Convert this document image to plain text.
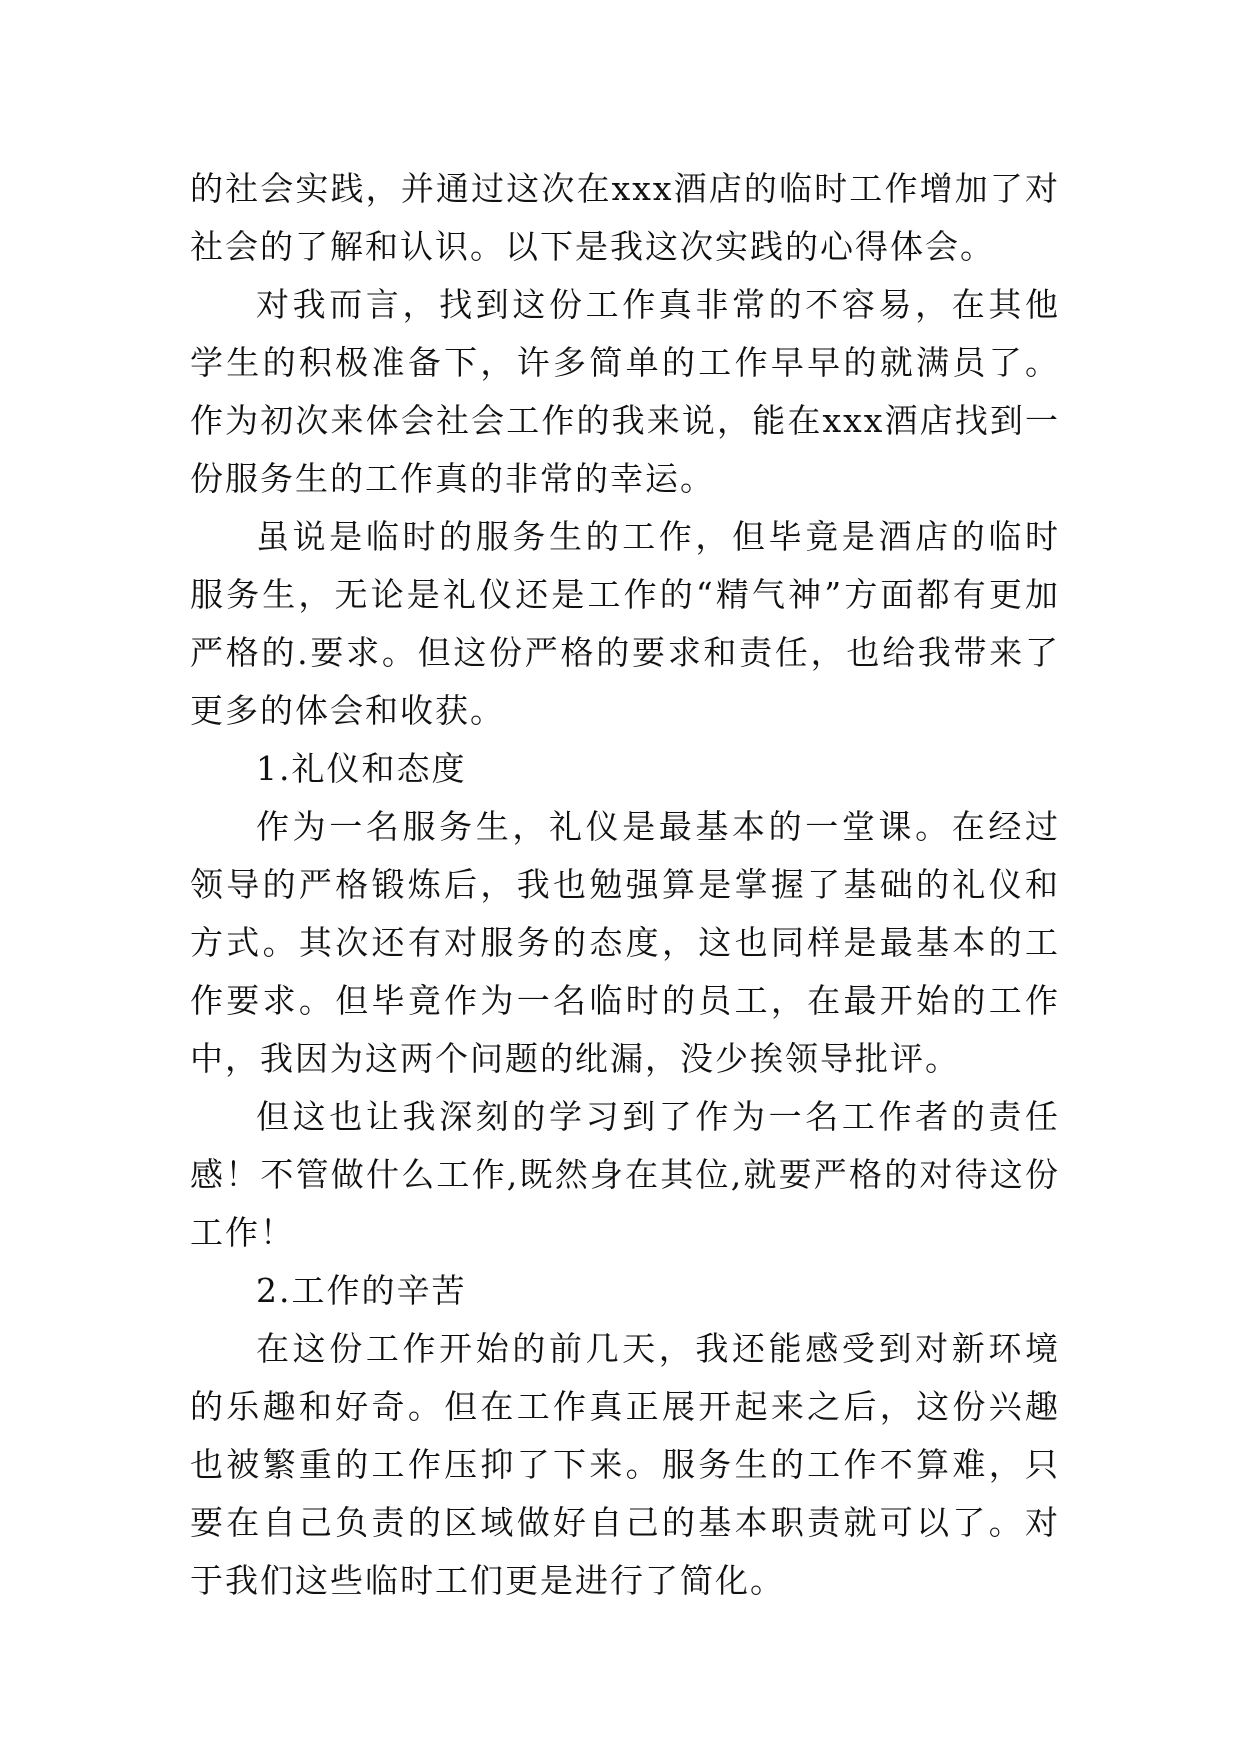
的社会实践，并通过这次在xxx酒店的临时工作增加了对社会的了解和认识。以下是我这次实践的心得体会。

对我而言，找到这份工作真非常的不容易，在其他学生的积极准备下，许多简单的工作早早的就满员了。作为初次来体会社会工作的我来说，能在xxx酒店找到一份服务生的工作真的非常的幸运。

虽说是临时的服务生的工作，但毕竟是酒店的临时服务生，无论是礼仪还是工作的“精气神”方面都有更加严格的.要求。但这份严格的要求和责任，也给我带来了更多的体会和收获。

1.礼仪和态度

作为一名服务生，礼仪是最基本的一堂课。在经过领导的严格锻炼后，我也勉强算是掌握了基础的礼仪和方式。其次还有对服务的态度，这也同样是最基本的工作要求。但毕竟作为一名临时的员工，在最开始的工作中，我因为这两个问题的纰漏，没少挨领导批评。

但这也让我深刻的学习到了作为一名工作者的责任感！不管做什么工作,既然身在其位,就要严格的对待这份工作！

2.工作的辛苦

在这份工作开始的前几天，我还能感受到对新环境的乐趣和好奇。但在工作真正展开起来之后，这份兴趣也被繁重的工作压抑了下来。服务生的工作不算难，只要在自己负责的区域做好自己的基本职责就可以了。对于我们这些临时工们更是进行了简化。
